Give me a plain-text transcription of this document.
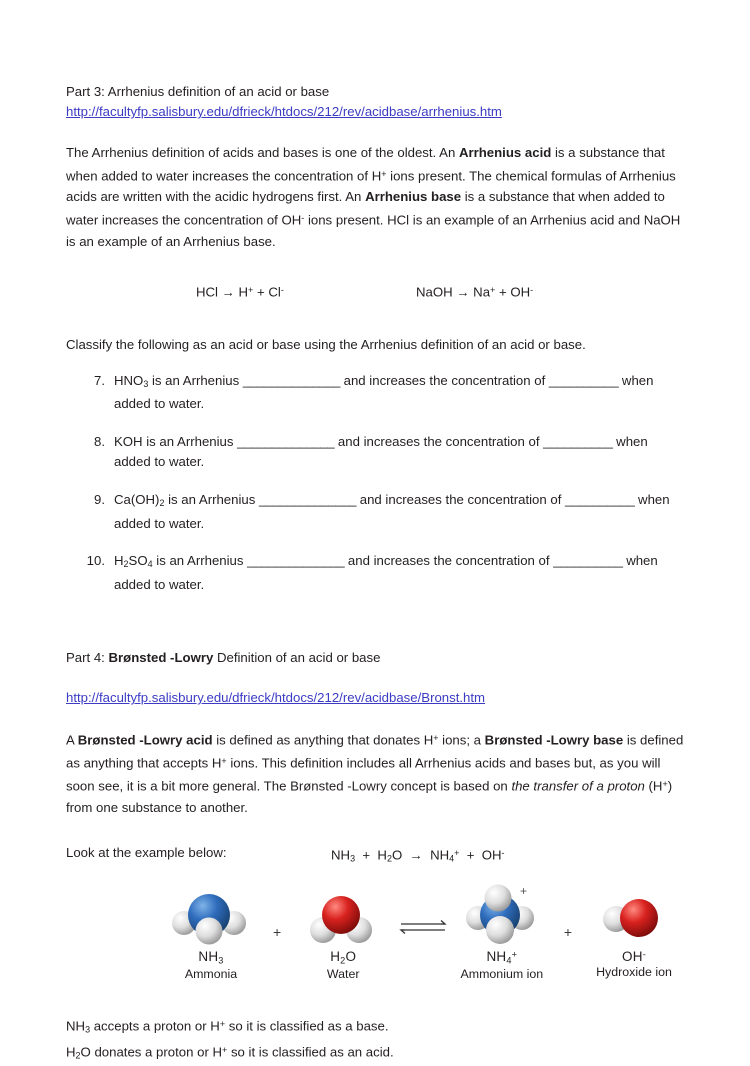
Part 3: Arrhenius definition of an acid or base
http://facultyfp.salisbury.edu/dfrieck/htdocs/212/rev/acidbase/arrhenius.htm
The Arrhenius definition of acids and bases is one of the oldest. An Arrhenius acid is a substance that when added to water increases the concentration of H+ ions present. The chemical formulas of Arrhenius acids are written with the acidic hydrogens first. An Arrhenius base is a substance that when added to water increases the concentration of OH- ions present. HCl is an example of an Arrhenius acid and NaOH is an example of an Arrhenius base.
HCl → H+ + Cl-	NaOH → Na+ + OH-
Classify the following as an acid or base using the Arrhenius definition of an acid or base.
7. $HNO_3$ is an Arrhenius ______________ and increases the concentration of __________ when added to water.
8. KOH is an Arrhenius ______________ and increases the concentration of __________ when added to water.
9. $Ca(OH)_2$ is an Arrhenius ______________ and increases the concentration of __________ when added to water.
10. $H_2SO_4$ is an Arrhenius ______________ and increases the concentration of __________ when added to water.
Part 4: Brønsted -Lowry Definition of an acid or base
http://facultyfp.salisbury.edu/dfrieck/htdocs/212/rev/acidbase/Bronst.htm
A Brønsted -Lowry acid is defined as anything that donates H+ ions; a Brønsted -Lowry base is defined as anything that accepts H+ ions. This definition includes all Arrhenius acids and bases but, as you will soon see, it is a bit more general. The Brønsted -Lowry concept is based on the transfer of a proton (H+) from one substance to another.
Look at the example below:	$NH_3 + H_2O \to NH_4^+ + OH^-$
$NH_3$
Ammonia
+
$H_2O$
Water
+
$NH_4^+$
Ammonium ion
+
OH-
Hydroxide ion
$NH_3$ accepts a proton or H+ so it is classified as a base.
$H_2O$ donates a proton or H+ so it is classified as an acid.
